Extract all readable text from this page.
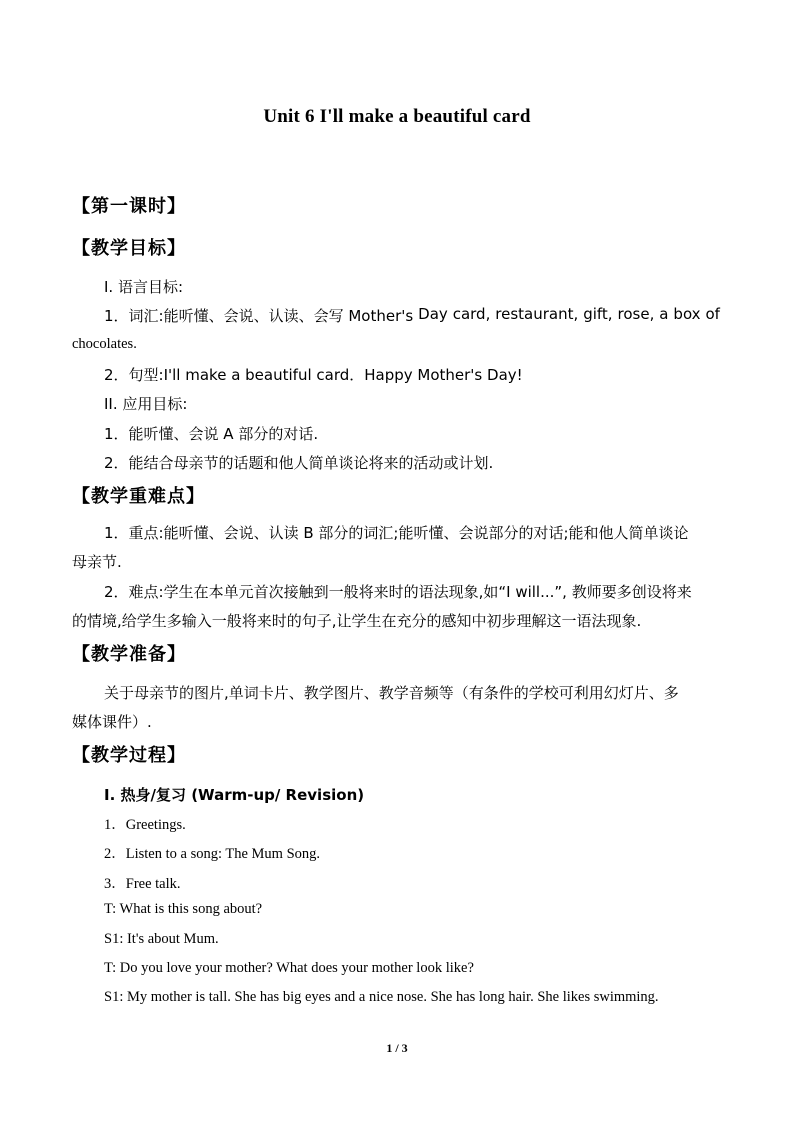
Unit 6 I'll make a beautiful card
【第一课时】
【教学目标】
I. 语言目标:
1．词汇:能听懂、会说、认读、会写 Mother's Day card, restaurant, gift, rose, a box of
chocolates.
2．句型:I'll make a beautiful card．Happy Mother's Day!
II. 应用目标:
1．能听懂、会说 A 部分的对话.
2．能结合母亲节的话题和他人简单谈论将来的活动或计划.
【教学重难点】
1．重点:能听懂、会说、认读 B 部分的词汇;能听懂、会说部分的对话;能和他人简单谈论
母亲节.
2．难点:学生在本单元首次接触到一般将来时的语法现象,如“I will...”, 教师要多创设将来
的情境,给学生多输入一般将来时的句子,让学生在充分的感知中初步理解这一语法现象.
【教学准备】
关于母亲节的图片,单词卡片、教学图片、教学音频等（有条件的学校可利用幻灯片、多
媒体课件）.
【教学过程】
I. 热身/复习 (Warm-up/ Revision)
1．Greetings.
2．Listen to a song: The Mum Song.
3．Free talk.
T: What is this song about?
S1: It's about Mum.
T: Do you love your mother? What does your mother look like?
S1: My mother is tall. She has big eyes and a nice nose. She has long hair. She likes swimming.
1 / 3
